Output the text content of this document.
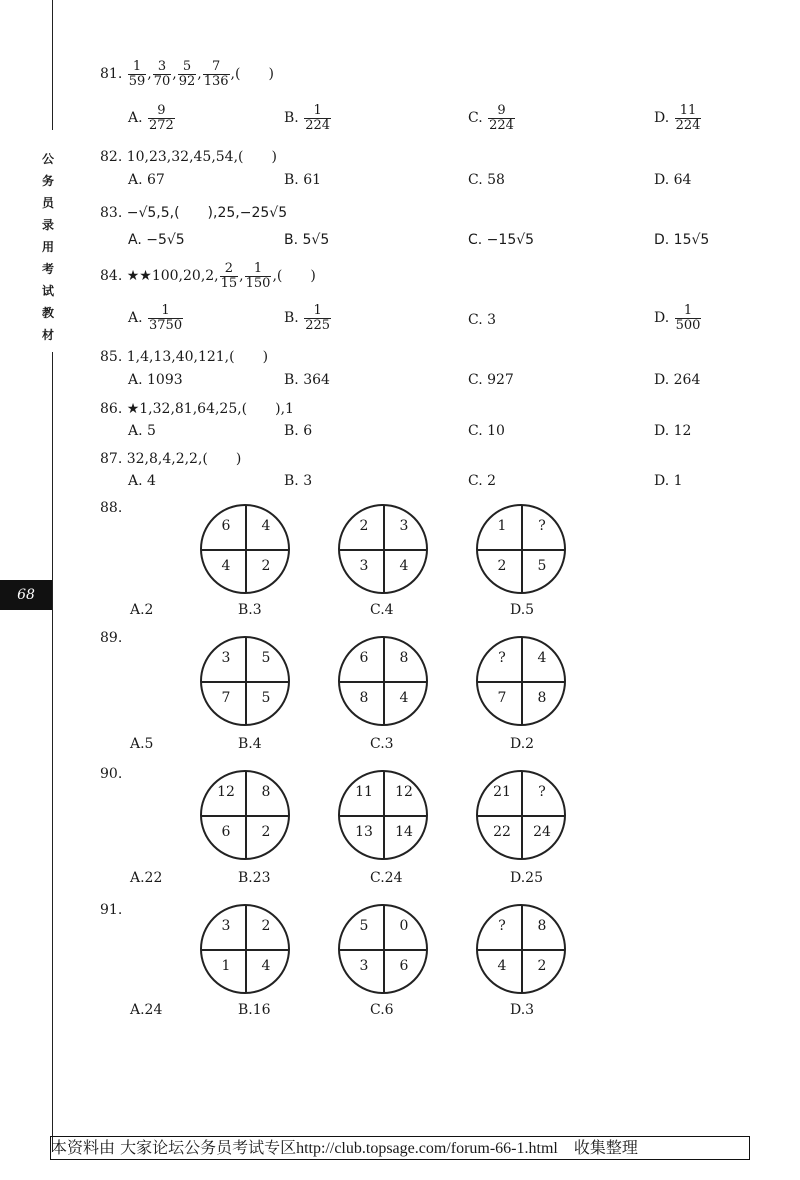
公
务
员
录
用
考
试
教
材
68
81. $\frac{1}{59}$ , $\frac{3}{70}$ , $\frac{5}{92}$ , $\frac{7}{136}$ ,(　　)
A. $\frac{9}{272}$	B. $\frac{1}{224}$	C. $\frac{9}{224}$	D. $\frac{11}{224}$
82. 10,23,32,45,54,(　　)
A. 67	B. 61	C. 58	D. 64
83. −√5,5,(　　),25,−25√5
A. −5√5	B. 5√5	C. −15√5	D. 15√5
84. ★★100,20,2, $\frac{2}{15}$ , $\frac{1}{150}$ ,(　　)
A. $\frac{1}{3750}$	B. $\frac{1}{225}$	C. 3	D. $\frac{1}{500}$
85. 1,4,13,40,121,(　　)
A. 1093	B. 364	C. 927	D. 264
86. ★1,32,81,64,25,(　　),1
A. 5	B. 6	C. 10	D. 12
87. 32,8,4,2,2,(　　)
A. 4	B. 3	C. 2	D. 1
88.
6	4
4	2
2	3
3	4
1	?
2	5
A.2	B.3	C.4	D.5
89.
3	5
7	5
6	8
8	4
?	4
7	8
A.5	B.4	C.3	D.2
90.
12	8
6	2
11	12
13	14
21	?
22	24
A.22	B.23	C.24	D.25
91.
3	2
1	4
5	0
3	6
?	8
4	2
A.24	B.16	C.6	D.3
本资料由 大家论坛公务员考试专区http://club.topsage.com/forum-66-1.html　收集整理
